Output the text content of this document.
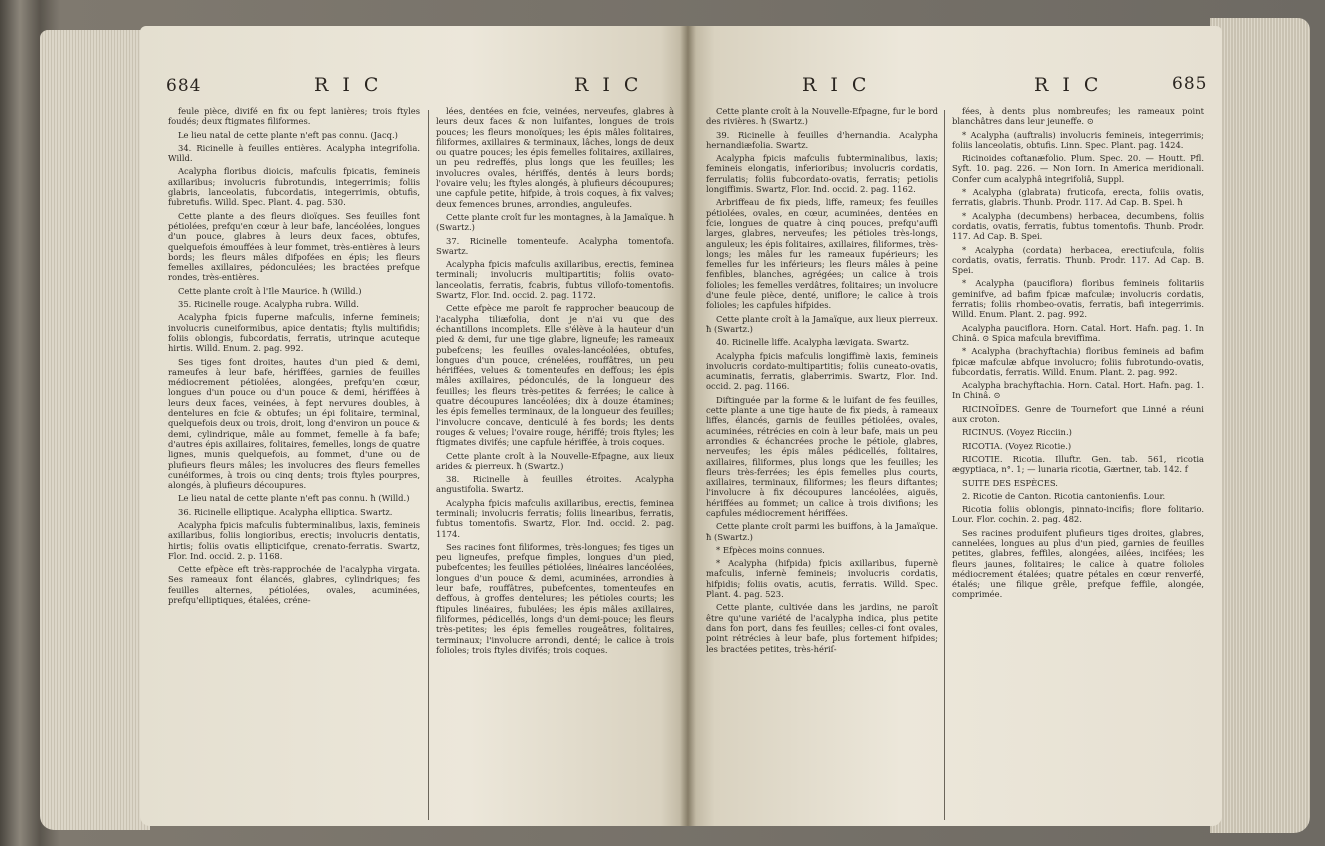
684	R I C	R I C

feule pièce, divifé en fix ou fept lanières; trois ftyles foudés; deux ftigmates filiformes.

Le lieu natal de cette plante n'eft pas connu. (Jacq.)

34. Ricinelle à feuilles entières. Acalypha integrifolia. Willd.

Acalypha floribus dioicis, mafculis fpicatis, femineis axillaribus; involucris fubrotundis, integerrimis; foliis glabris, lanceolatis, fubcordatis, integerrimis, obtufis, fubretufis. Willd. Spec. Plant. 4. pag. 530.

Cette plante a des fleurs dioïques. Ses feuilles font pétiolées, prefqu'en cœur à leur bafe, lancéolées, longues d'un pouce, glabres à leurs deux faces, obtufes, quelquefois émouffées à leur fommet, très-entières à leurs bords; les fleurs mâles difpofées en épis; les fleurs femelles axillaires, pédonculées; les bractées prefque rondes, très-entières.

Cette plante croît à l'Ile Maurice. ħ (Willd.)

35. Ricinelle rouge. Acalypha rubra. Willd.

Acalypha fpicis fuperne mafculis, inferne femineis; involucris cuneiformibus, apice dentatis; ftylis multifidis; foliis oblongis, fubcordatis, ferratis, utrinque acuteque hirtis. Willd. Enum. 2. pag. 992.

Ses tiges font droites, hautes d'un pied & demi, rameufes à leur bafe, hériffées, garnies de feuilles médiocrement pétiolées, alongées, prefqu'en cœur, longues d'un pouce ou d'un pouce & demi, hériffées à leurs deux faces, veinées, à fept nervures doubles, à dentelures en fcie & obtufes; un épi folitaire, terminal, quelquefois deux ou trois, droit, long d'environ un pouce & demi, cylindrique, mâle au fommet, femelle à fa bafe; d'autres épis axillaires, folitaires, femelles, longs de quatre lignes, munis quelquefois, au fommet, d'une ou de plufieurs fleurs mâles; les involucres des fleurs femelles cunéiformes, à trois ou cinq dents; trois ftyles pourpres, alongés, à plufieurs découpures.

Le lieu natal de cette plante n'eft pas connu. ħ (Willd.)

36. Ricinelle elliptique. Acalypha elliptica. Swartz.

Acalypha fpicis mafculis fubterminalibus, laxis, femineis axillaribus, foliis longioribus, erectis; involucris dentatis, hirtis; foliis ovatis ellipticifque, crenato-ferratis. Swartz, Flor. Ind. occid. 2. p. 1168.

Cette efpèce eft très-rapprochée de l'acalypha virgata. Ses rameaux font élancés, glabres, cylindriques; fes feuilles alternes, pétiolées, ovales, acuminées, prefqu'elliptiques, étalées, créne-

lées, dentées en fcie, veinées, nerveufes, glabres à leurs deux faces & non luifantes, longues de trois pouces; les fleurs monoïques; les épis mâles folitaires, filiformes, axillaires & terminaux, lâches, longs de deux ou quatre pouces; les épis femelles folitaires, axillaires, un peu redreffés, plus longs que les feuilles; les involucres ovales, hériffés, dentés à leurs bords; l'ovaire velu; les ftyles alongés, à plufieurs découpures; une capfule petite, hifpide, à trois coques, à fix valves; deux femences brunes, arrondies, anguleufes.

Cette plante croît fur les montagnes, à la Jamaïque. ħ (Swartz.)

37. Ricinelle tomenteufe. Acalypha tomentofa. Swartz.

Acalypha fpicis mafculis axillaribus, erectis, feminea terminali; involucris multipartitis; foliis ovato-lanceolatis, ferratis, fcabris, fubtus villofo-tomentofis. Swartz, Flor. Ind. occid. 2. pag. 1172.

Cette efpèce me paroît fe rapprocher beaucoup de l'acalypha tiliæfolia, dont je n'ai vu que des échantillons incomplets. Elle s'élève à la hauteur d'un pied & demi, fur une tige glabre, ligneufe; les rameaux pubefcens; les feuilles ovales-lancéolées, obtufes, longues d'un pouce, crénelées, rouffâtres, un peu hériffées, velues & tomenteufes en deffous; les épis mâles axillaires, pédonculés, de la longueur des feuilles; les fleurs très-petites & ferrées; le calice à quatre découpures lancéolées; dix à douze étamines; les épis femelles terminaux, de la longueur des feuilles; l'involucre concave, denticulé à fes bords; les dents rouges & velues; l'ovaire rouge, hériffé; trois ftyles; les ftigmates divifés; une capfule hériffée, à trois coques.

Cette plante croît à la Nouvelle-Efpagne, aux lieux arides & pierreux. ħ (Swartz.)

38. Ricinelle à feuilles étroites. Acalypha angustifolia. Swartz.

Acalypha fpicis mafculis axillaribus, erectis, feminea terminali; involucris ferratis; foliis linearibus, ferratis, fubtus tomentofis. Swartz, Flor. Ind. occid. 2. pag. 1174.

Ses racines font filiformes, très-longues; fes tiges un peu ligneufes, prefque fimples, longues d'un pied, pubefcentes; les feuilles pétiolées, linéaires lancéolées, longues d'un pouce & demi, acuminées, arrondies à leur bafe, rouffâtres, pubefcentes, tomenteufes en deffous, à groffes dentelures; les pétioles courts; les ftipules linéaires, fubulées; les épis mâles axillaires, filiformes, pédicellés, longs d'un demi-pouce; les fleurs très-petites; les épis femelles rougeâtres, folitaires, terminaux; l'involucre arrondi, denté; le calice à trois folioles; trois ftyles divifés; trois coques.

R I C	R I C	685

Cette plante croît à la Nouvelle-Efpagne, fur le bord des rivières. ħ (Swartz.)

39. Ricinelle à feuilles d'hernandia. Acalypha hernandiæfolia. Swartz.

Acalypha fpicis mafculis fubterminalibus, laxis; femineis elongatis, inferioribus; involucris cordatis, ferrulatis; foliis fubcordato-ovatis, ferratis; petiolis longiffimis. Swartz, Flor. Ind. occid. 2. pag. 1162.

Arbriffeau de fix pieds, liffe, rameux; fes feuilles pétiolées, ovales, en cœur, acuminées, dentées en fcie, longues de quatre à cinq pouces, prefqu'auffi larges, glabres, nerveufes; les pétioles très-longs, anguleux; les épis folitaires, axillaires, filiformes, très-longs; les mâles fur les rameaux fupérieurs; les femelles fur les inférieurs; les fleurs mâles à peine fenfibles, blanches, agrégées; un calice à trois folioles; les femelles verdâtres, folitaires; un involucre d'une feule pièce, denté, uniflore; le calice à trois folioles; les capfules hifpides.

Cette plante croît à la Jamaïque, aux lieux pierreux. ħ (Swartz.)

40. Ricinelle liffe. Acalypha lævigata. Swartz.

Acalypha fpicis mafculis longiffimè laxis, femineis involucris cordato-multipartitis; foliis cuneato-ovatis, acuminatis, ferratis, glaberrimis. Swartz, Flor. Ind. occid. 2. pag. 1166.

Diftinguée par la forme & le luifant de fes feuilles, cette plante a une tige haute de fix pieds, à rameaux liffes, élancés, garnis de feuilles pétiolées, ovales, acuminées, rétrécies en coin à leur bafe, mais un peu arrondies & échancrées proche le pétiole, glabres, nerveufes; les épis mâles pédicellés, folitaires, axillaires, filiformes, plus longs que les feuilles; les fleurs très-ferrées; les épis femelles plus courts, axillaires, terminaux, filiformes; les fleurs diftantes; l'involucre à fix découpures lancéolées, aiguës, hériffées au fommet; un calice à trois divifions; les capfules médiocrement hériffées.

Cette plante croît parmi les buiffons, à la Jamaïque. ħ (Swartz.)

* Efpèces moins connues.

* Acalypha (hifpida) fpicis axillaribus, fupernè mafculis, infernè femineis; involucris cordatis, hifpidis; foliis ovatis, acutis, ferratis. Willd. Spec. Plant. 4. pag. 523.

Cette plante, cultivée dans les jardins, ne paroît être qu'une variété de l'acalypha indica, plus petite dans fon port, dans fes feuilles; celles-ci font ovales, point rétrécies à leur bafe, plus fortement hifpides; les bractées petites, très-hériſ-

fées, à dents plus nombreufes; les rameaux point blanchâtres dans leur jeuneffe. ⊙

* Acalypha (auftralis) involucris femineis, integerrimis; foliis lanceolatis, obtufis. Linn. Spec. Plant. pag. 1424.

Ricinoides coftanæfolio. Plum. Spec. 20. — Houtt. Pfl. Syft. 10. pag. 226. — Non Iorn. In America meridionali. Confer cum acalyphâ integrifoliâ, Suppl.

* Acalypha (glabrata) fruticofa, erecta, foliis ovatis, ferratis, glabris. Thunb. Prodr. 117. Ad Cap. B. Spei. ħ

* Acalypha (decumbens) herbacea, decumbens, foliis cordatis, ovatis, ferratis, fubtus tomentofis. Thunb. Prodr. 117. Ad Cap. B. Spei.

* Acalypha (cordata) herbacea, erectiufcula, foliis cordatis, ovatis, ferratis. Thunb. Prodr. 117. Ad Cap. B. Spei.

* Acalypha (pauciflora) floribus femineis folitariis geminifve, ad bafim fpicæ mafculæ; involucris cordatis, ferratis; foliis rhombeo-ovatis, ferratis, bafi integerrimis. Willd. Enum. Plant. 2. pag. 992.

Acalypha pauciflora. Horn. Catal. Hort. Hafn. pag. 1. In Chinâ. ⊙ Spica mafcula breviffima.

* Acalypha (brachyftachia) floribus femineis ad bafim fpicæ mafculæ abfque involucro; foliis fubrotundo-ovatis, fubcordatis, ferratis. Willd. Enum. Plant. 2. pag. 992.

Acalypha brachyftachia. Horn. Catal. Hort. Hafn. pag. 1. In Chinâ. ⊙

RICINOÏDES. Genre de Tournefort que Linné a réuni aux croton.

RICINUS. (Voyez Ricciin.)

RICOTIA. (Voyez Ricotie.)

RICOTIE. Ricotia. Illuftr. Gen. tab. 561, ricotia ægyptiaca, n°. 1; — lunaria ricotia, Gærtner, tab. 142. f

SUITE DES ESPÈCES.

2. Ricotie de Canton. Ricotia cantonienfis. Lour.

Ricotia foliis oblongis, pinnato-incifis; flore folitario. Lour. Flor. cochin. 2. pag. 482.

Ses racines produifent plufieurs tiges droites, glabres, cannelées, longues au plus d'un pied, garnies de feuilles petites, glabres, feffiles, alongées, ailées, incifées; les fleurs jaunes, folitaires; le calice à quatre folioles médiocrement étalées; quatre pétales en cœur renverfé, étalés; une filique grêle, prefque feffile, alongée, comprimée.
